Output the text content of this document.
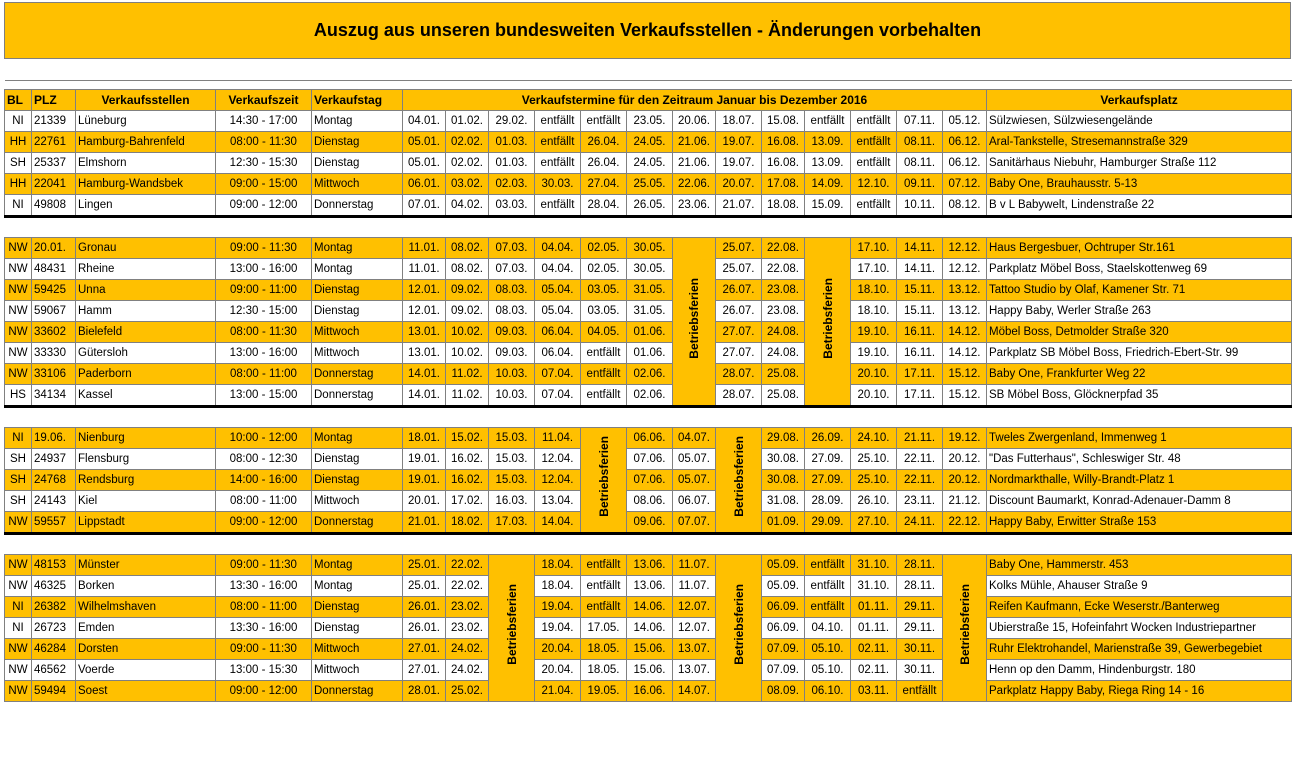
Auszug aus unseren bundesweiten Verkaufsstellen - Änderungen vorbehalten

BL	PLZ	Verkaufsstellen	Verkaufszeit	Verkaufstag	Verkaufstermine für den Zeitraum Januar bis Dezember 2016													Verkaufsplatz
NI	21339	Lüneburg	14:30 - 17:00	Montag	04.01.	01.02.	29.02.	entfällt	entfällt	23.05.	20.06.	18.07.	15.08.	entfällt	entfällt	07.11.	05.12.	Sülzwiesen, Sülzwiesengelände
HH	22761	Hamburg-Bahrenfeld	08:00 - 11:30	Dienstag	05.01.	02.02.	01.03.	entfällt	26.04.	24.05.	21.06.	19.07.	16.08.	13.09.	entfällt	08.11.	06.12.	Aral-Tankstelle, Stresemannstraße 329
SH	25337	Elmshorn	12:30 - 15:30	Dienstag	05.01.	02.02.	01.03.	entfällt	26.04.	24.05.	21.06.	19.07.	16.08.	13.09.	entfällt	08.11.	06.12.	Sanitärhaus Niebuhr, Hamburger Straße 112
HH	22041	Hamburg-Wandsbek	09:00 - 15:00	Mittwoch	06.01.	03.02.	02.03.	30.03.	27.04.	25.05.	22.06.	20.07.	17.08.	14.09.	12.10.	09.11.	07.12.	Baby One, Brauhausstr. 5-13
NI	49808	Lingen	09:00 - 12:00	Donnerstag	07.01.	04.02.	03.03.	entfällt	28.04.	26.05.	23.06.	21.07.	18.08.	15.09.	entfällt	10.11.	08.12.	B v L Babywelt, Lindenstraße 22

NW	20.01.	Gronau	09:00 - 11:30	Montag	11.01.	08.02.	07.03.	04.04.	02.05.	30.05.	Betriebsferien	25.07.	22.08.	Betriebsferien	17.10.	14.11.	12.12.	Haus Bergesbuer, Ochtruper Str.161
NW	48431	Rheine	13:00 - 16:00	Montag	11.01.	08.02.	07.03.	04.04.	02.05.	30.05.		25.07.	22.08.		17.10.	14.11.	12.12.	Parkplatz Möbel Boss, Staelskottenweg 69
NW	59425	Unna	09:00 - 11:00	Dienstag	12.01.	09.02.	08.03.	05.04.	03.05.	31.05.		26.07.	23.08.		18.10.	15.11.	13.12.	Tattoo Studio by Olaf, Kamener Str. 71
NW	59067	Hamm	12:30 - 15:00	Dienstag	12.01.	09.02.	08.03.	05.04.	03.05.	31.05.		26.07.	23.08.		18.10.	15.11.	13.12.	Happy Baby, Werler Straße 263
NW	33602	Bielefeld	08:00 - 11:30	Mittwoch	13.01.	10.02.	09.03.	06.04.	04.05.	01.06.		27.07.	24.08.		19.10.	16.11.	14.12.	Möbel Boss, Detmolder Straße 320
NW	33330	Gütersloh	13:00 - 16:00	Mittwoch	13.01.	10.02.	09.03.	06.04.	entfällt	01.06.		27.07.	24.08.		19.10.	16.11.	14.12.	Parkplatz SB Möbel Boss, Friedrich-Ebert-Str. 99
NW	33106	Paderborn	08:00 - 11:00	Donnerstag	14.01.	11.02.	10.03.	07.04.	entfällt	02.06.		28.07.	25.08.		20.10.	17.11.	15.12.	Baby One, Frankfurter Weg 22
HS	34134	Kassel	13:00 - 15:00	Donnerstag	14.01.	11.02.	10.03.	07.04.	entfällt	02.06.		28.07.	25.08.		20.10.	17.11.	15.12.	SB Möbel Boss, Glöcknerpfad 35

NI	19.06.	Nienburg	10:00 - 12:00	Montag	18.01.	15.02.	15.03.	11.04.	Betriebsferien	06.06.	04.07.	Betriebsferien	29.08.	26.09.	24.10.	21.11.	19.12.	Tweles Zwergenland, Immenweg 1
SH	24937	Flensburg	08:00 - 12:30	Dienstag	19.01.	16.02.	15.03.	12.04.		07.06.	05.07.		30.08.	27.09.	25.10.	22.11.	20.12.	"Das Futterhaus", Schleswiger Str. 48
SH	24768	Rendsburg	14:00 - 16:00	Dienstag	19.01.	16.02.	15.03.	12.04.		07.06.	05.07.		30.08.	27.09.	25.10.	22.11.	20.12.	Nordmarkthalle, Willy-Brandt-Platz 1
SH	24143	Kiel	08:00 - 11:00	Mittwoch	20.01.	17.02.	16.03.	13.04.		08.06.	06.07.		31.08.	28.09.	26.10.	23.11.	21.12.	Discount Baumarkt, Konrad-Adenauer-Damm 8
NW	59557	Lippstadt	09:00 - 12:00	Donnerstag	21.01.	18.02.	17.03.	14.04.		09.06.	07.07.		01.09.	29.09.	27.10.	24.11.	22.12.	Happy Baby, Erwitter Straße 153

NW	48153	Münster	09:00 - 11:30	Montag	25.01.	22.02.	Betriebsferien	18.04.	entfällt	13.06.	11.07.	Betriebsferien	05.09.	entfällt	31.10.	28.11.	Betriebsferien	Baby One, Hammerstr. 453
NW	46325	Borken	13:30 - 16:00	Montag	25.01.	22.02.		18.04.	entfällt	13.06.	11.07.		05.09.	entfällt	31.10.	28.11.		Kolks Mühle, Ahauser Straße 9
NI	26382	Wilhelmshaven	08:00 - 11:00	Dienstag	26.01.	23.02.		19.04.	entfällt	14.06.	12.07.		06.09.	entfällt	01.11.	29.11.		Reifen Kaufmann, Ecke Weserstr./Banterweg
NI	26723	Emden	13:30 - 16:00	Dienstag	26.01.	23.02.		19.04.	17.05.	14.06.	12.07.		06.09.	04.10.	01.11.	29.11.		Ubierstraße 15, Hofeinfahrt Wocken Industriepartner
NW	46284	Dorsten	09:00 - 11:30	Mittwoch	27.01.	24.02.		20.04.	18.05.	15.06.	13.07.		07.09.	05.10.	02.11.	30.11.		Ruhr Elektrohandel, Marienstraße 39, Gewerbegebiet
NW	46562	Voerde	13:00 - 15:30	Mittwoch	27.01.	24.02.		20.04.	18.05.	15.06.	13.07.		07.09.	05.10.	02.11.	30.11.		Henn op den Damm, Hindenburgstr. 180
NW	59494	Soest	09:00 - 12:00	Donnerstag	28.01.	25.02.		21.04.	19.05.	16.06.	14.07.		08.09.	06.10.	03.11.	entfällt		Parkplatz Happy Baby, Riega Ring 14 - 16
